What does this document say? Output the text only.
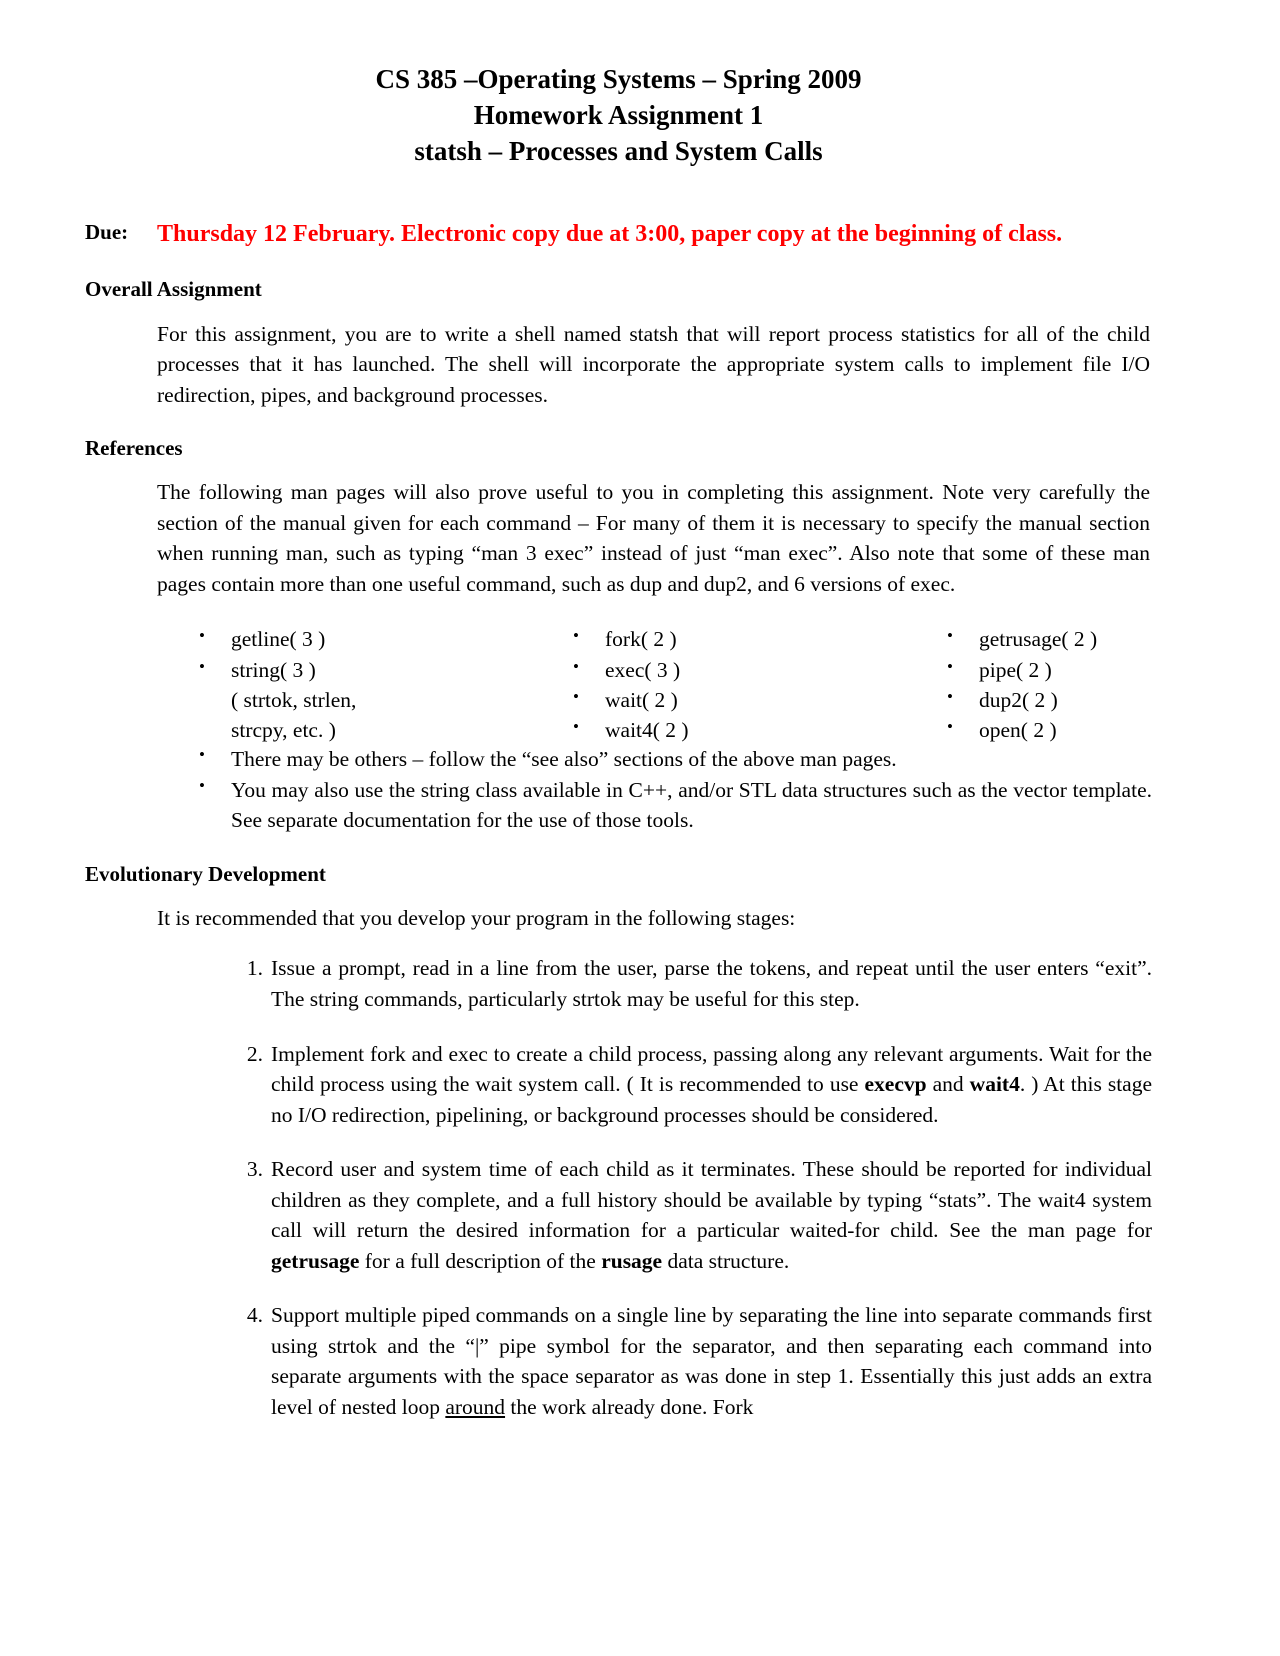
CS 385 –Operating Systems – Spring 2009
Homework Assignment 1
statsh – Processes and System Calls
Due:	Thursday 12 February. Electronic copy due at 3:00, paper copy at the beginning of class.
Overall Assignment

For this assignment, you are to write a shell named statsh that will report process statistics for all of the child processes that it has launched. The shell will incorporate the appropriate system calls to implement file I/O redirection, pipes, and background processes.

References

The following man pages will also prove useful to you in completing this assignment. Note very carefully the section of the manual given for each command – For many of them it is necessary to specify the manual section when running man, such as typing “man 3 exec” instead of just “man exec”. Also note that some of these man pages contain more than one useful command, such as dup and dup2, and 6 versions of exec.

• getline( 3 )
• string( 3 )
( strtok, strlen,
strcpy, etc. )
• fork( 2 )
• exec( 3 )
• wait( 2 )
• wait4( 2 )
• getrusage( 2 )
• pipe( 2 )
• dup2( 2 )
• open( 2 )
• There may be others – follow the “see also” sections of the above man pages.
• You may also use the string class available in C++, and/or STL data structures such as the vector template. See separate documentation for the use of those tools.
Evolutionary Development

It is recommended that you develop your program in the following stages:

1. Issue a prompt, read in a line from the user, parse the tokens, and repeat until the user enters “exit”. The string commands, particularly strtok may be useful for this step.
2. Implement fork and exec to create a child process, passing along any relevant arguments. Wait for the child process using the wait system call. ( It is recommended to use execvp and wait4. ) At this stage no I/O redirection, pipelining, or background processes should be considered.
3. Record user and system time of each child as it terminates. These should be reported for individual children as they complete, and a full history should be available by typing “stats”. The wait4 system call will return the desired information for a particular waited-for child. See the man page for getrusage for a full description of the rusage data structure.
4. Support multiple piped commands on a single line by separating the line into separate commands first using strtok and the “|” pipe symbol for the separator, and then separating each command into separate arguments with the space separator as was done in step 1. Essentially this just adds an extra level of nested loop around the work already done. Fork
